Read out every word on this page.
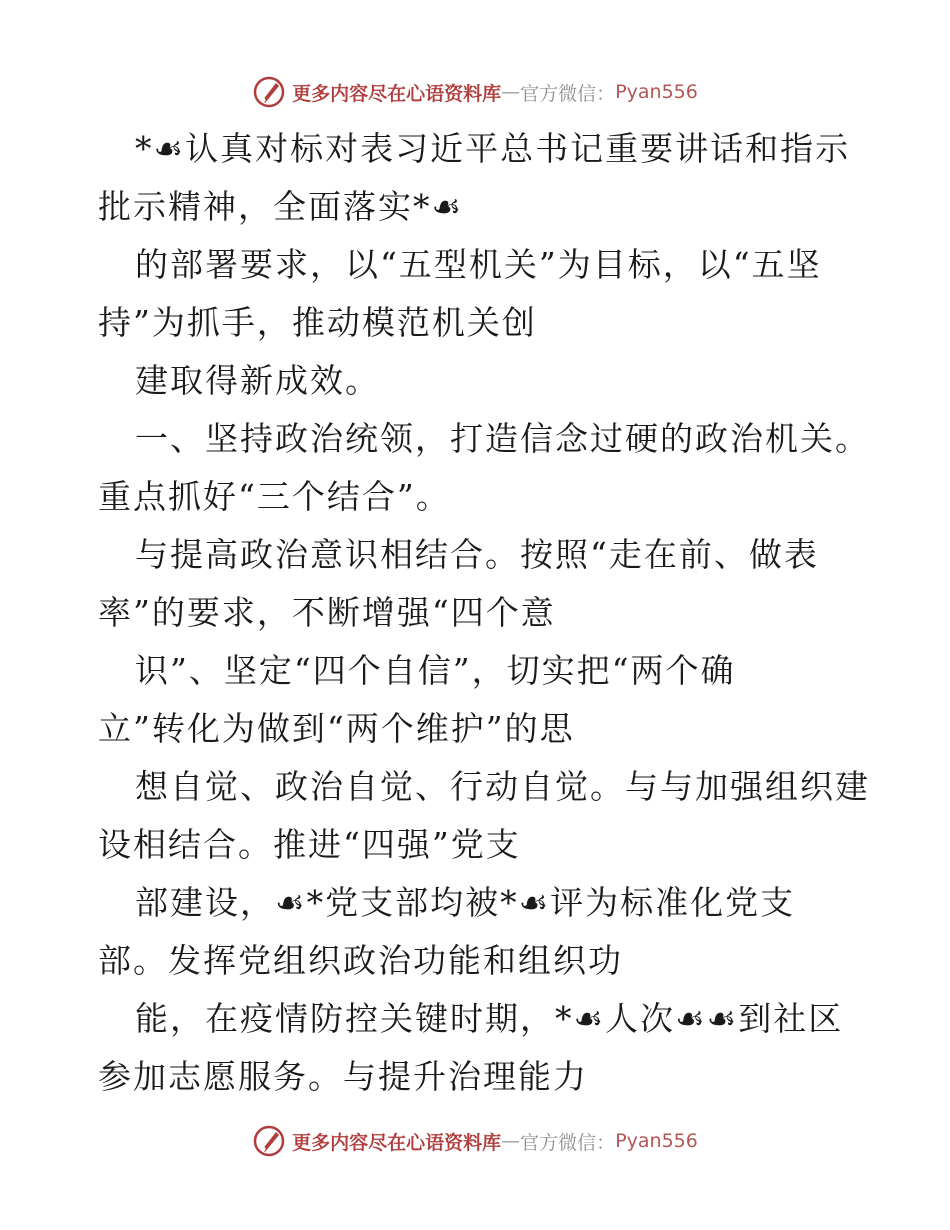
更多内容尽在心语资料库 — 官方微信： Pyan556
*☙认真对标对表习近平总书记重要讲话和指示
批示精神，全面落实*☙
的部署要求，以“五型机关”为目标，以“五坚
持”为抓手，推动模范机关创
建取得新成效。
一、坚持政治统领，打造信念过硬的政治机关。
重点抓好“三个结合”。
与提高政治意识相结合。按照“走在前、做表
率”的要求，不断增强“四个意
识”、坚定“四个自信”，切实把“两个确
立”转化为做到“两个维护”的思
想自觉、政治自觉、行动自觉。与与加强组织建
设相结合。推进“四强”党支
部建设，☙*党支部均被*☙评为标准化党支
部。发挥党组织政治功能和组织功
能，在疫情防控关键时期，*☙人次☙☙到社区
参加志愿服务。与提升治理能力
更多内容尽在心语资料库 — 官方微信： Pyan556
